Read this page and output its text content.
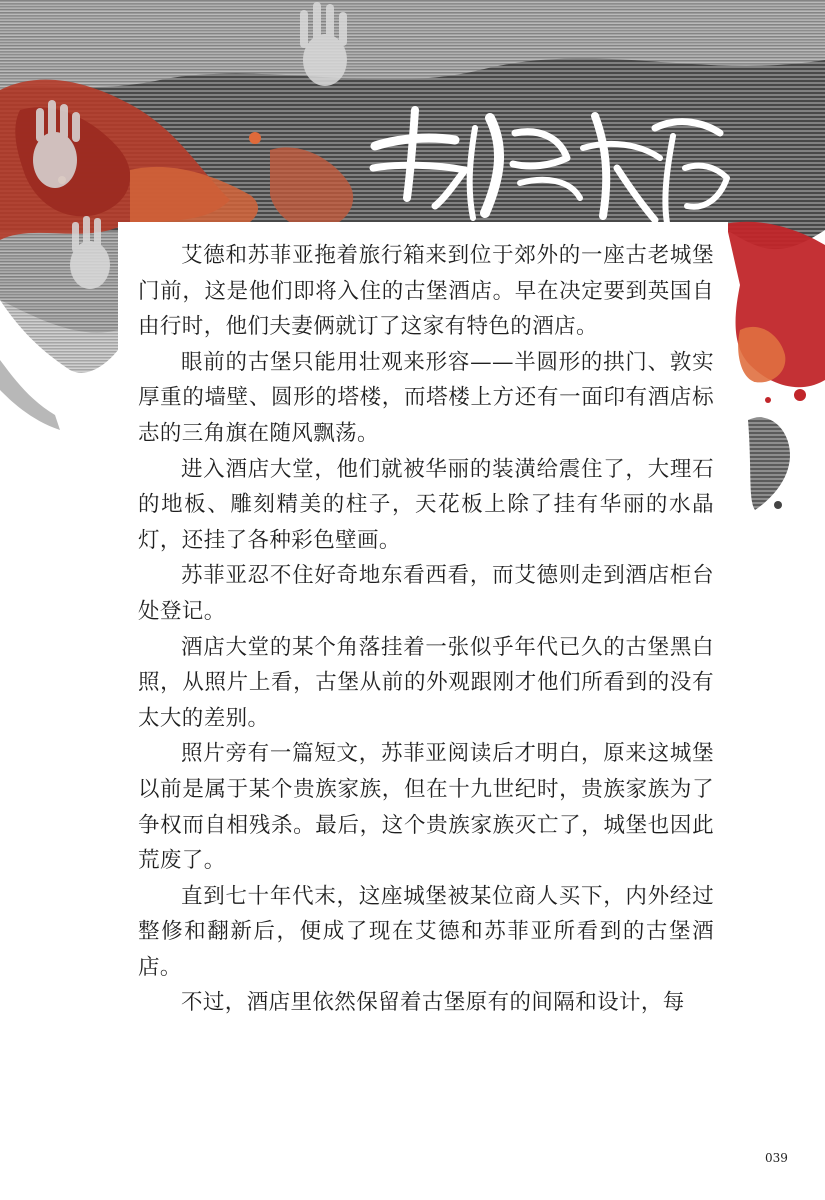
艾德和苏菲亚拖着旅行箱来到位于郊外的一座古老城堡门前，这是他们即将入住的古堡酒店。早在决定要到英国自由行时，他们夫妻俩就订了这家有特色的酒店。

眼前的古堡只能用壮观来形容——半圆形的拱门、敦实厚重的墙壁、圆形的塔楼，而塔楼上方还有一面印有酒店标志的三角旗在随风飘荡。

进入酒店大堂，他们就被华丽的装潢给震住了，大理石的地板、雕刻精美的柱子，天花板上除了挂有华丽的水晶灯，还挂了各种彩色壁画。

苏菲亚忍不住好奇地东看西看，而艾德则走到酒店柜台处登记。

酒店大堂的某个角落挂着一张似乎年代已久的古堡黑白照，从照片上看，古堡从前的外观跟刚才他们所看到的没有太大的差别。

照片旁有一篇短文，苏菲亚阅读后才明白，原来这城堡以前是属于某个贵族家族，但在十九世纪时，贵族家族为了争权而自相残杀。最后，这个贵族家族灭亡了，城堡也因此荒废了。

直到七十年代末，这座城堡被某位商人买下，内外经过整修和翻新后，便成了现在艾德和苏菲亚所看到的古堡酒店。

不过，酒店里依然保留着古堡原有的间隔和设计，每

039
